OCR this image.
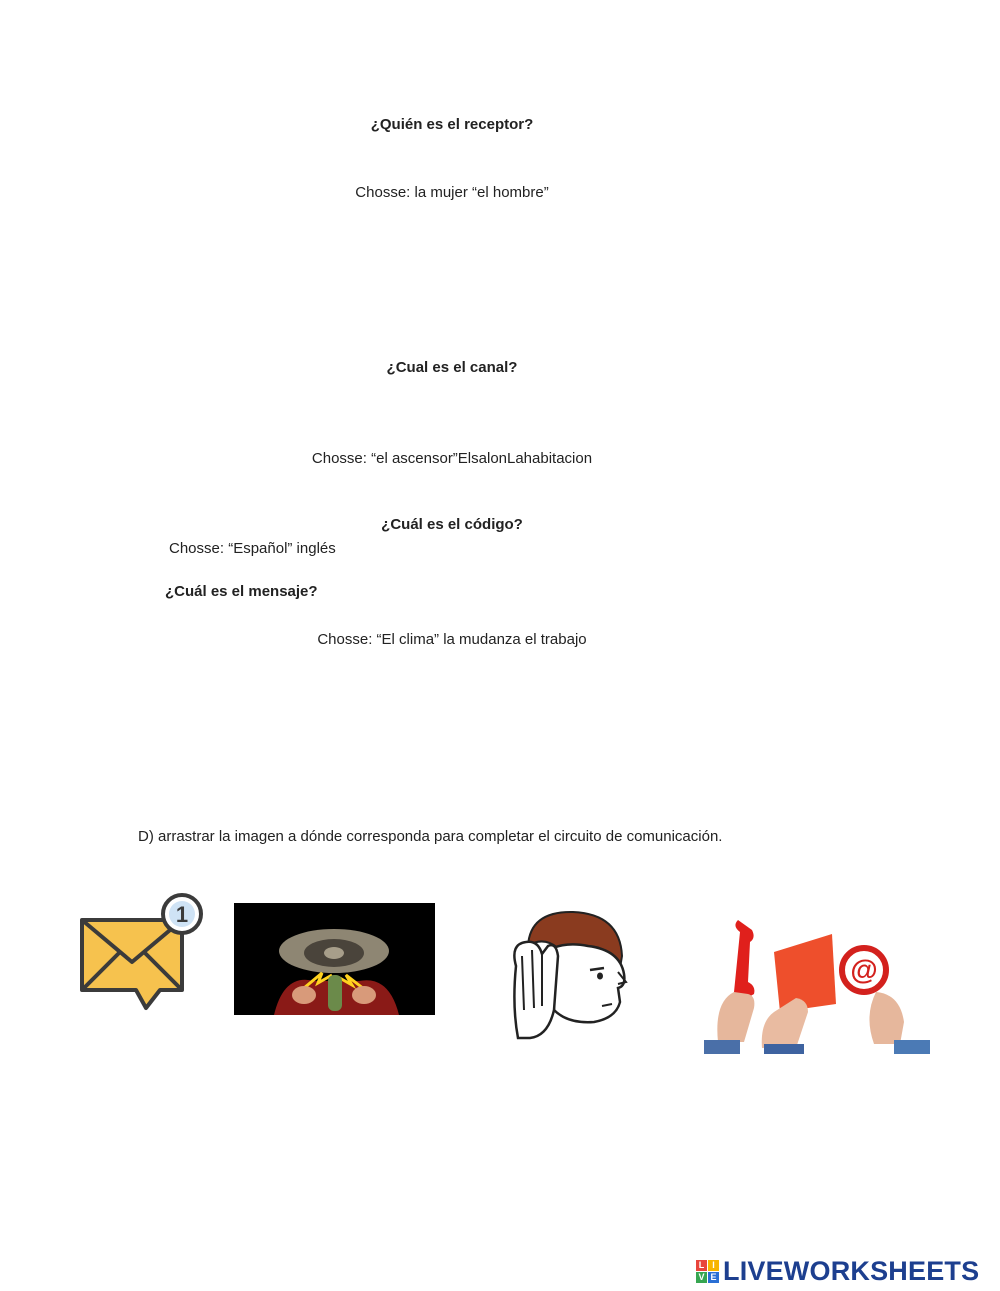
¿Quién es el receptor?
Chosse: la mujer “el hombre”
¿Cual es el canal?
Chosse: “el ascensor”ElsalonLahabitacion
¿Cuál es el código?
Chosse: “Español” inglés
¿Cuál es el mensaje?
Chosse: “El clima” la mudanza el trabajo
D) arrastrar la imagen a dónde corresponda para completar el circuito de comunicación.
1
@
L I
V E LIVEWORKSHEETS
